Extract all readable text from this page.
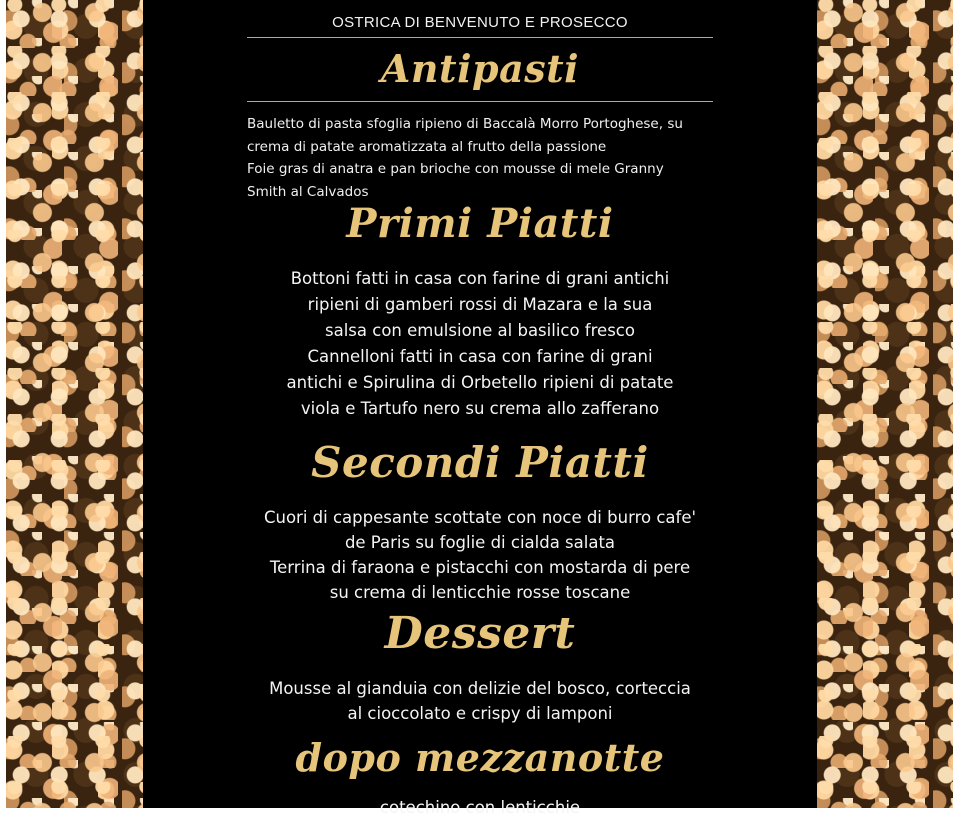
OSTRICA DI BENVENUTO E PROSECCO
Antipasti
Bauletto di pasta sfoglia ripieno di Baccalà Morro Portoghese, su
crema di patate aromatizzata al frutto della passione
Foie gras di anatra e pan brioche con mousse di mele Granny
Smith al Calvados
Primi Piatti
Bottoni fatti in casa con farine di grani antichi
ripieni di gamberi rossi di Mazara e la sua
salsa con emulsione al basilico fresco
Cannelloni fatti in casa con farine di grani
antichi e Spirulina di Orbetello ripieni di patate
viola e Tartufo nero su crema allo zafferano
Secondi Piatti
Cuori di cappesante scottate con noce di burro cafe'
de Paris su foglie di cialda salata
Terrina di faraona e pistacchi con mostarda di pere
su crema di lenticchie rosse toscane
Dessert
Mousse al gianduia con delizie del bosco, corteccia
al cioccolato e crispy di lamponi
dopo mezzanotte
cotechino con lenticchie
